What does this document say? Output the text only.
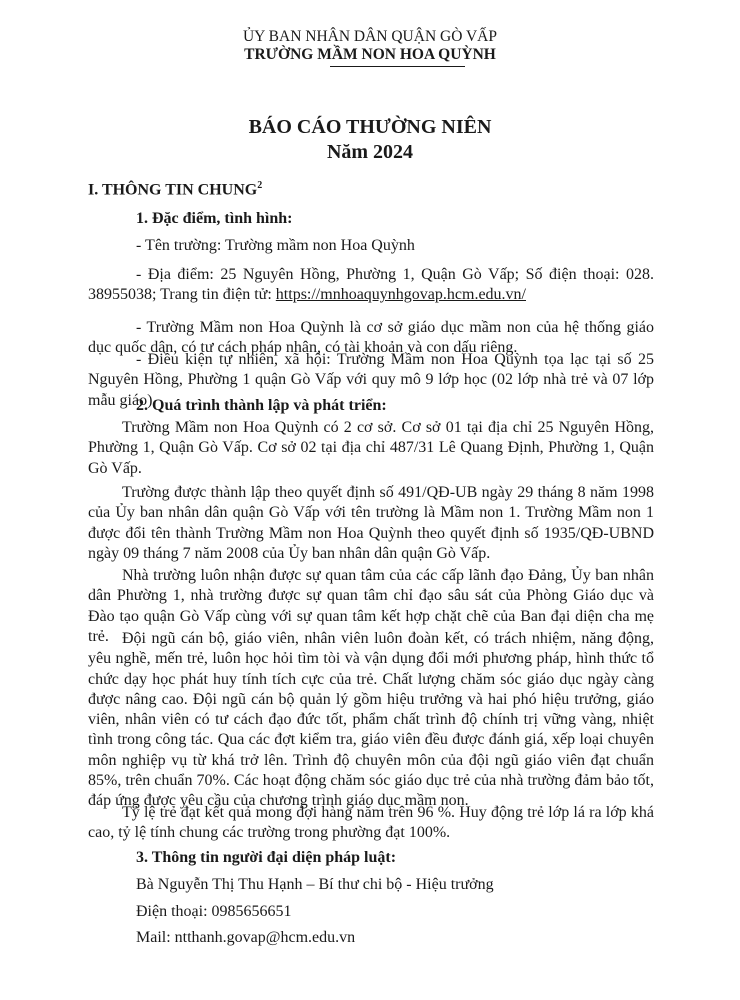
ỦY BAN NHÂN DÂN QUẬN GÒ VẤP
TRƯỜNG MẦM NON HOA QUỲNH
BÁO CÁO THƯỜNG NIÊN
Năm 2024
I. THÔNG TIN CHUNG$^2$
1. Đặc điểm, tình hình:

- Tên trường: Trường mầm non Hoa Quỳnh

- Địa điểm: 25 Nguyên Hồng, Phường 1, Quận Gò Vấp; Số điện thoại: 028. 38955038; Trang tin điện tử: https://mnhoaquynhgovap.hcm.edu.vn/

- Trường Mầm non Hoa Quỳnh là cơ sở giáo dục mầm non của hệ thống giáo dục quốc dân, có tư cách pháp nhân, có tài khoản và con dấu riêng.

- Điều kiện tự nhiên, xã hội: Trường Mầm non Hoa Quỳnh tọa lạc tại số 25 Nguyên Hồng, Phường 1 quận Gò Vấp với quy mô 9 lớp học (02 lớp nhà trẻ và 07 lớp mẫu giáo).

2. Quá trình thành lập và phát triển:

Trường Mầm non Hoa Quỳnh có 2 cơ sở. Cơ sở 01 tại địa chỉ 25 Nguyên Hồng, Phường 1, Quận Gò Vấp. Cơ sở 02 tại địa chỉ 487/31 Lê Quang Định, Phường 1, Quận Gò Vấp.

Trường được thành lập theo quyết định số 491/QĐ-UB ngày 29 tháng 8 năm 1998 của Ủy ban nhân dân quận Gò Vấp với tên trường là Mầm non 1. Trường Mầm non 1 được đổi tên thành Trường Mầm non Hoa Quỳnh theo quyết định số 1935/QĐ-UBND ngày 09 tháng 7 năm 2008 của Ủy ban nhân dân quận Gò Vấp.

Nhà trường luôn nhận được sự quan tâm của các cấp lãnh đạo Đảng, Ủy ban nhân dân Phường 1, nhà trường được sự quan tâm chỉ đạo sâu sát của Phòng Giáo dục và Đào tạo quận Gò Vấp cùng với sự quan tâm kết hợp chặt chẽ của Ban đại diện cha mẹ trẻ. Đội ngũ cán bộ, giáo viên, nhân viên luôn đoàn kết, có trách nhiệm, năng động, yêu nghề, mến trẻ, luôn học hỏi tìm tòi và vận dụng đổi mới phương pháp, hình thức tổ chức dạy học phát huy tính tích cực của trẻ. Chất lượng chăm sóc giáo dục ngày càng được nâng cao. Đội ngũ cán bộ quản lý gồm hiệu trưởng và hai phó hiệu trưởng, giáo viên, nhân viên có tư cách đạo đức tốt, phẩm chất trình độ chính trị vững vàng, nhiệt tình trong công tác. Qua các đợt kiểm tra, giáo viên đều được đánh giá, xếp loại chuyên môn nghiệp vụ từ khá trở lên. Trình độ chuyên môn của đội ngũ giáo viên đạt chuẩn 85%, trên chuẩn 70%. Các hoạt động chăm sóc giáo dục trẻ của nhà trường đảm bảo tốt, đáp ứng được yêu cầu của chương trình giáo dục mầm non.

Tỷ lệ trẻ đạt kết quả mong đợi hàng năm trên 96 %. Huy động trẻ lớp lá ra lớp khá cao, tỷ lệ tính chung các trường trong phường đạt 100%.

3. Thông tin người đại diện pháp luật:
Bà Nguyễn Thị Thu Hạnh – Bí thư chi bộ - Hiệu trưởng
Điện thoại: 0985656651
Mail: ntthanh.govap@hcm.edu.vn
